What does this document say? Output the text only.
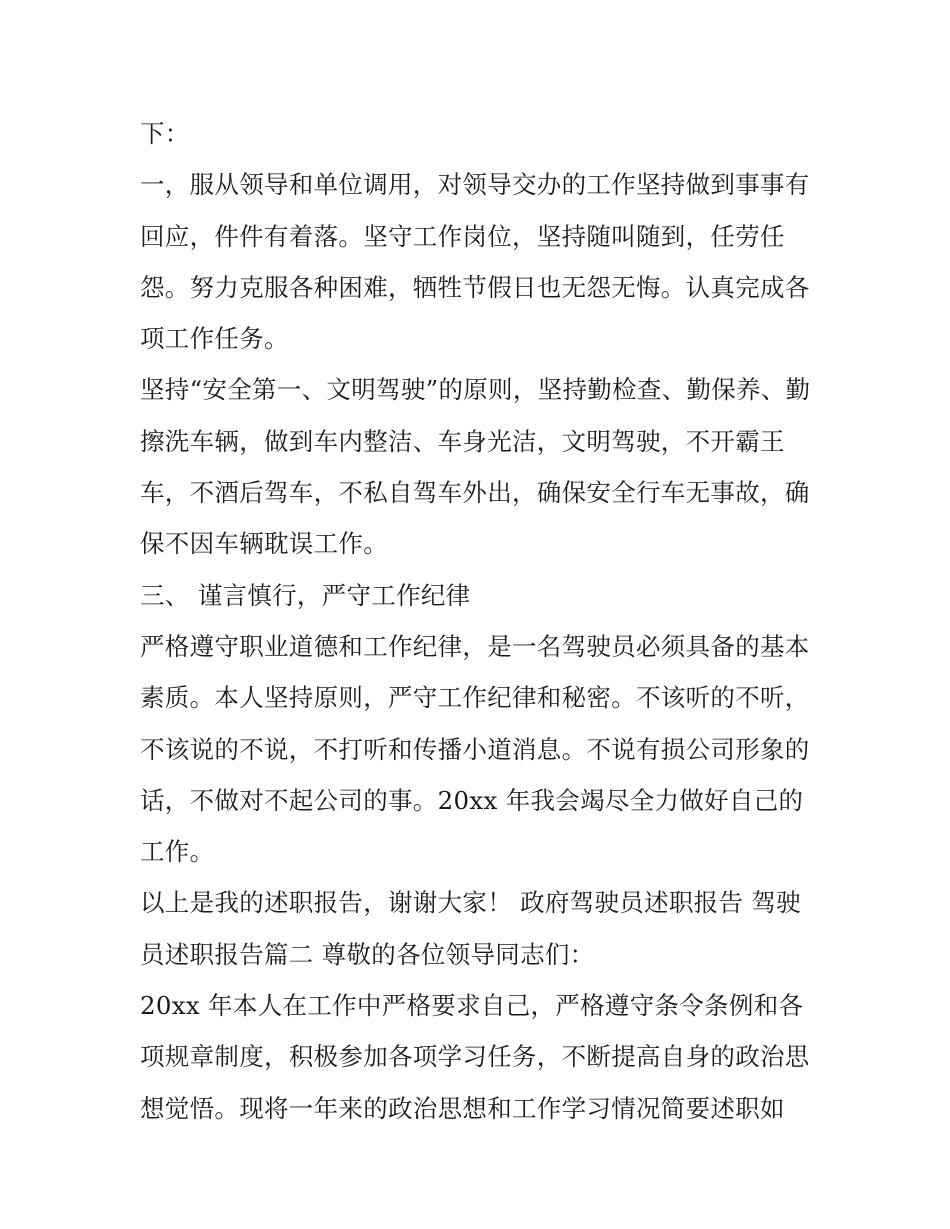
下：

一，服从领导和单位调用，对领导交办的工作坚持做到事事有

回应，件件有着落。坚守工作岗位，坚持随叫随到，任劳任

怨。努力克服各种困难，牺牲节假日也无怨无悔。认真完成各

项工作任务。

坚持“安全第一、文明驾驶”的原则，坚持勤检查、勤保养、勤

擦洗车辆，做到车内整洁、车身光洁，文明驾驶，不开霸王

车，不酒后驾车，不私自驾车外出，确保安全行车无事故，确

保不因车辆耽误工作。

三、 谨言慎行，严守工作纪律

严格遵守职业道德和工作纪律，是一名驾驶员必须具备的基本

素质。本人坚持原则，严守工作纪律和秘密。不该听的不听，

不该说的不说，不打听和传播小道消息。不说有损公司形象的

话，不做对不起公司的事。20xx 年我会竭尽全力做好自己的

工作。

以上是我的述职报告，谢谢大家！ 政府驾驶员述职报告 驾驶

员述职报告篇二 尊敬的各位领导同志们：

20xx 年本人在工作中严格要求自己，严格遵守条令条例和各

项规章制度，积极参加各项学习任务，不断提高自身的政治思

想觉悟。现将一年来的政治思想和工作学习情况简要述职如
